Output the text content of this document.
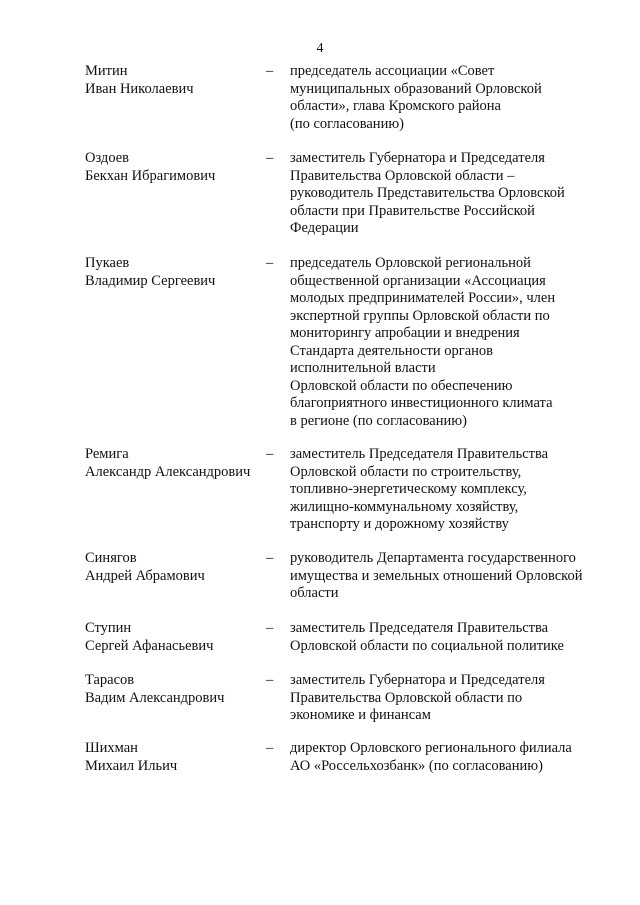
4
Митин
Иван Николаевич
– председатель ассоциации «Совет
муниципальных образований Орловской
области», глава Кромского района
(по согласованию)
Оздоев
Бекхан Ибрагимович
– заместитель Губернатора и Председателя
Правительства Орловской области –
руководитель Представительства Орловской
области при Правительстве Российской
Федерации
Пукаев
Владимир Сергеевич
– председатель Орловской региональной
общественной организации «Ассоциация
молодых предпринимателей России», член
экспертной группы Орловской области по
мониторингу апробации и внедрения
Стандарта деятельности органов
исполнительной власти
Орловской области по обеспечению
благоприятного инвестиционного климата
в регионе (по согласованию)
Ремига
Александр Александрович
– заместитель Председателя Правительства
Орловской области по строительству,
топливно-энергетическому комплексу,
жилищно-коммунальному хозяйству,
транспорту и дорожному хозяйству
Синягов
Андрей Абрамович
– руководитель Департамента государственного
имущества и земельных отношений Орловской
области
Ступин
Сергей Афанасьевич
– заместитель Председателя Правительства
Орловской области по социальной политике
Тарасов
Вадим Александрович
– заместитель Губернатора и Председателя
Правительства Орловской области по
экономике и финансам
Шихман
Михаил Ильич
– директор Орловского регионального филиала
АО «Россельхозбанк» (по согласованию)
